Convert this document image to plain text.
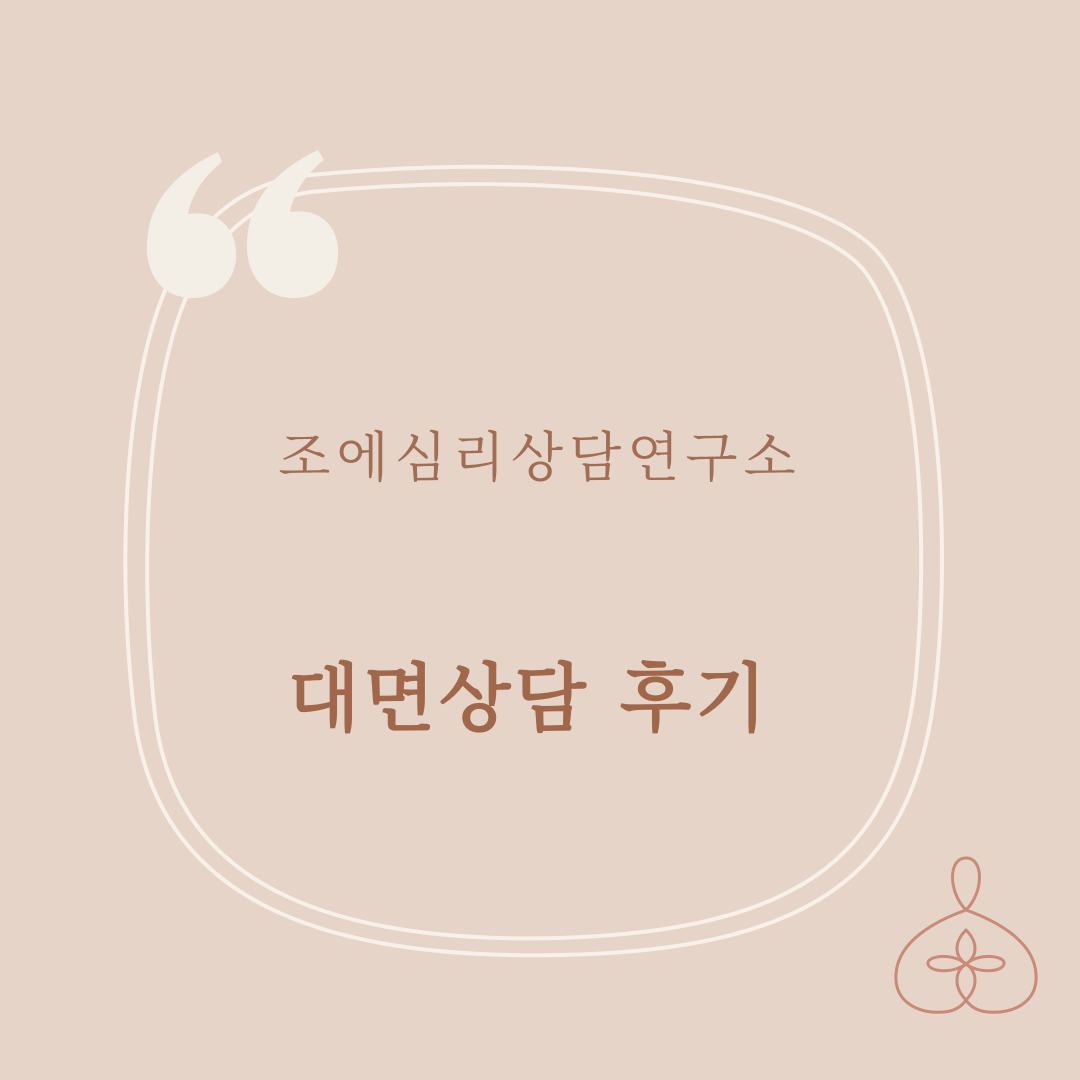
조에심리상담연구소
대면상담 후기
